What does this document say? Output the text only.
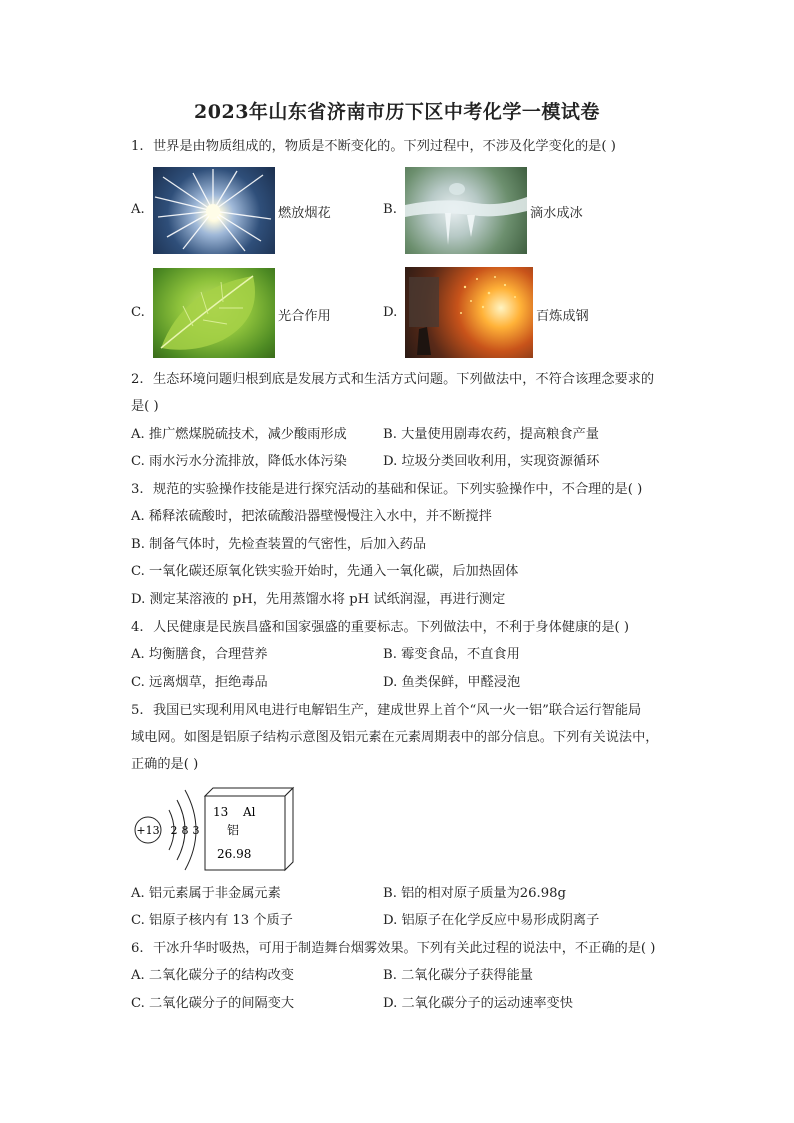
2023年山东省济南市历下区中考化学一模试卷
1. 世界是由物质组成的，物质是不断变化的。下列过程中，不涉及化学变化的是( )
A.	燃放烟花	B.	滴水成冰
C.	光合作用	D.	百炼成钢
2. 生态环境问题归根到底是发展方式和生活方式问题。下列做法中，不符合该理念要求的
是( )
A. 推广燃煤脱硫技术，减少酸雨形成	B. 大量使用剧毒农药，提高粮食产量
C. 雨水污水分流排放，降低水体污染	D. 垃圾分类回收利用，实现资源循环
3. 规范的实验操作技能是进行探究活动的基础和保证。下列实验操作中，不合理的是( )
A. 稀释浓硫酸时，把浓硫酸沿器壁慢慢注入水中，并不断搅拌
B. 制备气体时，先检查装置的气密性，后加入药品
C. 一氧化碳还原氧化铁实验开始时，先通入一氧化碳，后加热固体
D. 测定某溶液的 pH，先用蒸馏水将 pH 试纸润湿，再进行测定
4. 人民健康是民族昌盛和国家强盛的重要标志。下列做法中，不利于身体健康的是( )
A. 均衡膳食，合理营养	B. 霉变食品，不直食用
C. 远离烟草，拒绝毒品	D. 鱼类保鲜，甲醛浸泡
5. 我国已实现利用风电进行电解铝生产，建成世界上首个“风一火一铝”联合运行智能局
域电网。如图是铝原子结构示意图及铝元素在元素周期表中的部分信息。下列有关说法中，
正确的是( )
+13 2 8 3
13 Al
铝
26.98
A. 铝元素属于非金属元素	B. 铝的相对原子质量为26.98g
C. 铝原子核内有 13 个质子	D. 铝原子在化学反应中易形成阴离子
6. 干冰升华时吸热，可用于制造舞台烟雾效果。下列有关此过程的说法中，不正确的是( )
A. 二氧化碳分子的结构改变	B. 二氧化碳分子获得能量
C. 二氧化碳分子的间隔变大	D. 二氧化碳分子的运动速率变快
